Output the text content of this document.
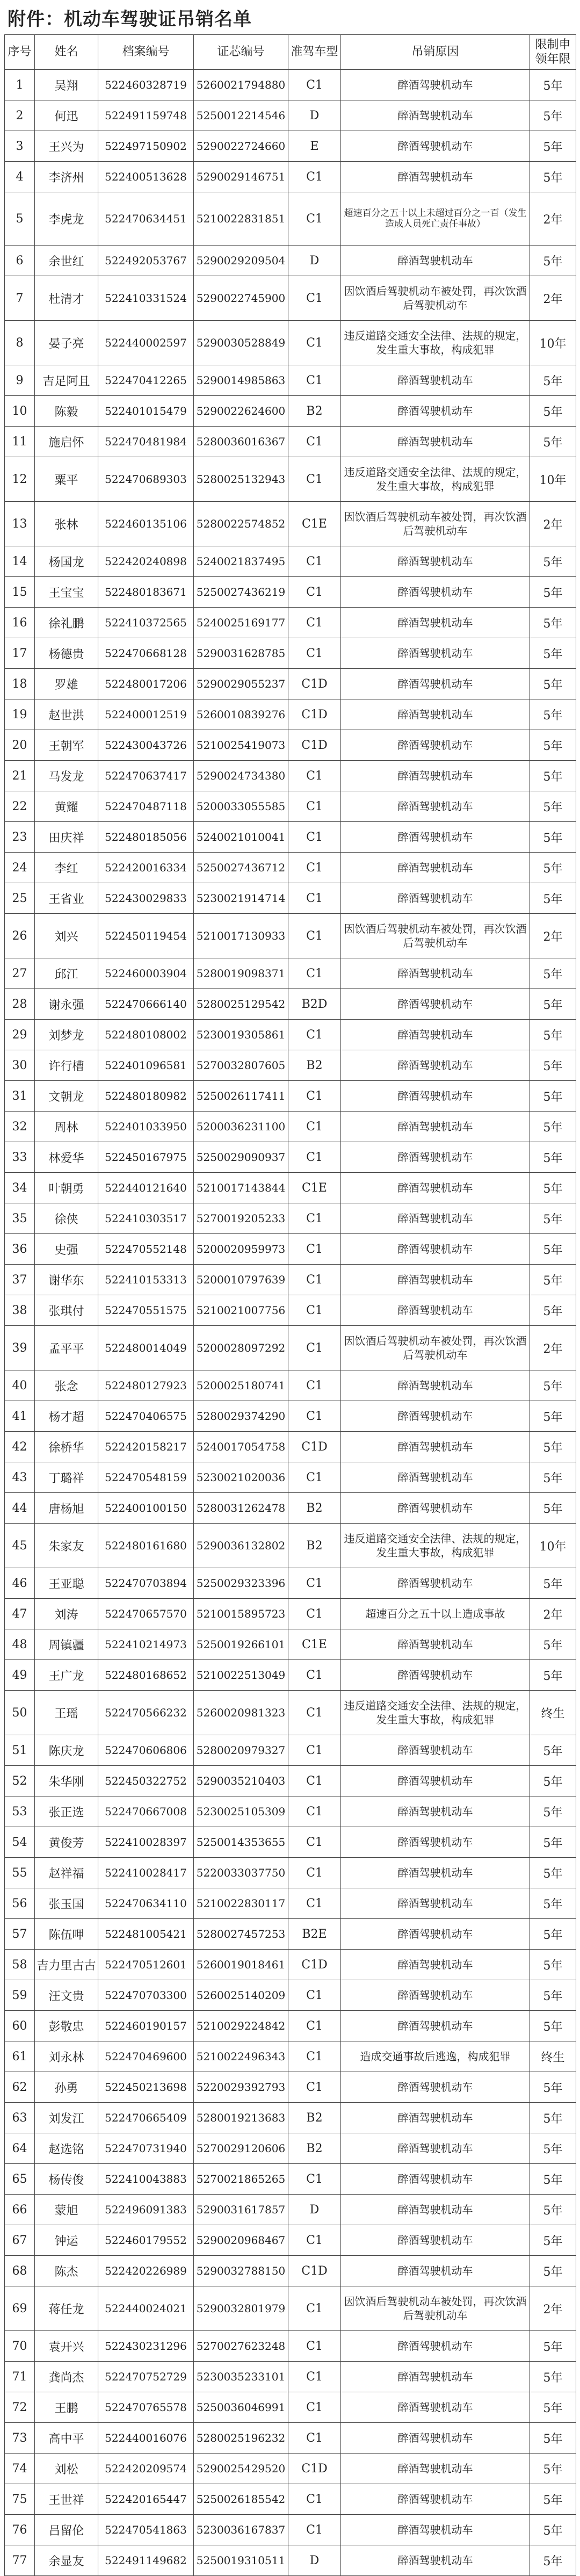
附件：机动车驾驶证吊销名单
序号	姓名	档案编号	证芯编号	准驾车型	吊销原因	限制申领年限
1	吴翔	522460328719	5260021794880	C1	醉酒驾驶机动车	5年
2	何迅	522491159748	5250012214546	D	醉酒驾驶机动车	5年
3	王兴为	522497150902	5290022724660	E	醉酒驾驶机动车	5年
4	李济州	522400513628	5290029146751	C1	醉酒驾驶机动车	5年
5	李虎龙	522470634451	5210022831851	C1	超速百分之五十以上未超过百分之一百（发生造成人员死亡责任事故）	2年
6	余世红	522492053767	5290029209504	D	醉酒驾驶机动车	5年
7	杜清才	522410331524	5290022745900	C1	因饮酒后驾驶机动车被处罚，再次饮酒后驾驶机动车	2年
8	晏子亮	522440002597	5290030528849	C1	违反道路交通安全法律、法规的规定，发生重大事故，构成犯罪	10年
9	吉足阿且	522470412265	5290014985863	C1	醉酒驾驶机动车	5年
10	陈毅	522401015479	5290022624600	B2	醉酒驾驶机动车	5年
11	施启怀	522470481984	5280036016367	C1	醉酒驾驶机动车	5年
12	粟平	522470689303	5280025132943	C1	违反道路交通安全法律、法规的规定，发生重大事故，构成犯罪	10年
13	张林	522460135106	5280022574852	C1E	因饮酒后驾驶机动车被处罚，再次饮酒后驾驶机动车	2年
14	杨国龙	522420240898	5240021837495	C1	醉酒驾驶机动车	5年
15	王宝宝	522480183671	5250027436219	C1	醉酒驾驶机动车	5年
16	徐礼鹏	522410372565	5240025169177	C1	醉酒驾驶机动车	5年
17	杨德贵	522470668128	5290031628785	C1	醉酒驾驶机动车	5年
18	罗雄	522480017206	5290029055237	C1D	醉酒驾驶机动车	5年
19	赵世洪	522400012519	5260010839276	C1D	醉酒驾驶机动车	5年
20	王朝军	522430043726	5210025419073	C1D	醉酒驾驶机动车	5年
21	马发龙	522470637417	5290024734380	C1	醉酒驾驶机动车	5年
22	黄耀	522470487118	5200033055585	C1	醉酒驾驶机动车	5年
23	田庆祥	522480185056	5240021010041	C1	醉酒驾驶机动车	5年
24	李红	522420016334	5250027436712	C1	醉酒驾驶机动车	5年
25	王省业	522430029833	5230021914714	C1	醉酒驾驶机动车	5年
26	刘兴	522450119454	5210017130933	C1	因饮酒后驾驶机动车被处罚，再次饮酒后驾驶机动车	2年
27	邱江	522460003904	5280019098371	C1	醉酒驾驶机动车	5年
28	谢永强	522470666140	5280025129542	B2D	醉酒驾驶机动车	5年
29	刘梦龙	522480108002	5230019305861	C1	醉酒驾驶机动车	5年
30	许行槽	522401096581	5270032807605	B2	醉酒驾驶机动车	5年
31	文朝龙	522480180982	5250026117411	C1	醉酒驾驶机动车	5年
32	周林	522401033950	5200036231100	C1	醉酒驾驶机动车	5年
33	林爱华	522450167975	5250029090937	C1	醉酒驾驶机动车	5年
34	叶朝勇	522440121640	5210017143844	C1E	醉酒驾驶机动车	5年
35	徐侠	522410303517	5270019205233	C1	醉酒驾驶机动车	5年
36	史强	522470552148	5200020959973	C1	醉酒驾驶机动车	5年
37	谢华东	522410153313	5200010797639	C1	醉酒驾驶机动车	5年
38	张琪付	522470551575	5210021007756	C1	醉酒驾驶机动车	5年
39	孟平平	522480014049	5200028097292	C1	因饮酒后驾驶机动车被处罚，再次饮酒后驾驶机动车	2年
40	张念	522480127923	5200025180741	C1	醉酒驾驶机动车	5年
41	杨才超	522470406575	5280029374290	C1	醉酒驾驶机动车	5年
42	徐桥华	522420158217	5240017054758	C1D	醉酒驾驶机动车	5年
43	丁璐祥	522470548159	5230021020036	C1	醉酒驾驶机动车	5年
44	唐杨旭	522400100150	5280031262478	B2	醉酒驾驶机动车	5年
45	朱家友	522480161680	5290036132802	B2	违反道路交通安全法律、法规的规定，发生重大事故，构成犯罪	10年
46	王亚聪	522470703894	5250029323396	C1	醉酒驾驶机动车	5年
47	刘涛	522470657570	5210015895723	C1	超速百分之五十以上造成事故	2年
48	周镇疆	522410214973	5250019266101	C1E	醉酒驾驶机动车	5年
49	王广龙	522480168652	5210022513049	C1	醉酒驾驶机动车	5年
50	王瑶	522470566232	5260020981323	C1	违反道路交通安全法律、法规的规定，发生重大事故，构成犯罪	终生
51	陈庆龙	522470606806	5280020979327	C1	醉酒驾驶机动车	5年
52	朱华刚	522450322752	5290035210403	C1	醉酒驾驶机动车	5年
53	张正选	522470667008	5230025105309	C1	醉酒驾驶机动车	5年
54	黄俊芳	522410028397	5250014353655	C1	醉酒驾驶机动车	5年
55	赵祥福	522410028417	5220033037750	C1	醉酒驾驶机动车	5年
56	张玉国	522470634110	5210022830117	C1	醉酒驾驶机动车	5年
57	陈伍呷	522481005421	5280027457253	B2E	醉酒驾驶机动车	5年
58	吉力里古古	522470512601	5260019018461	C1D	醉酒驾驶机动车	5年
59	汪文贵	522470703300	5260025140209	C1	醉酒驾驶机动车	5年
60	彭敬忠	522460190157	5210029224842	C1	醉酒驾驶机动车	5年
61	刘永林	522470469600	5210022496343	C1	造成交通事故后逃逸，构成犯罪	终生
62	孙勇	522450213698	5220029392793	C1	醉酒驾驶机动车	5年
63	刘发江	522470665409	5280019213683	B2	醉酒驾驶机动车	5年
64	赵选铭	522470731940	5270029120606	B2	醉酒驾驶机动车	5年
65	杨传俊	522410043883	5270021865265	C1	醉酒驾驶机动车	5年
66	蒙旭	522496091383	5290031617857	D	醉酒驾驶机动车	5年
67	钟运	522460179552	5290020968467	C1	醉酒驾驶机动车	5年
68	陈杰	522420226989	5290032788150	C1D	醉酒驾驶机动车	5年
69	蒋任龙	522440024021	5290032801979	C1	因饮酒后驾驶机动车被处罚，再次饮酒后驾驶机动车	2年
70	袁开兴	522430231296	5270027623248	C1	醉酒驾驶机动车	5年
71	龚尚杰	522470752729	5230035233101	C1	醉酒驾驶机动车	5年
72	王鹏	522470765578	5250036046991	C1	醉酒驾驶机动车	5年
73	高中平	522440016076	5280025196232	C1	醉酒驾驶机动车	5年
74	刘松	522420209574	5290025429520	C1D	醉酒驾驶机动车	5年
75	王世祥	522420165447	5250026185542	C1	醉酒驾驶机动车	5年
76	吕留伦	522470541863	5230036167837	C1	醉酒驾驶机动车	5年
77	余显友	522491149682	5250019310511	D	醉酒驾驶机动车	5年
